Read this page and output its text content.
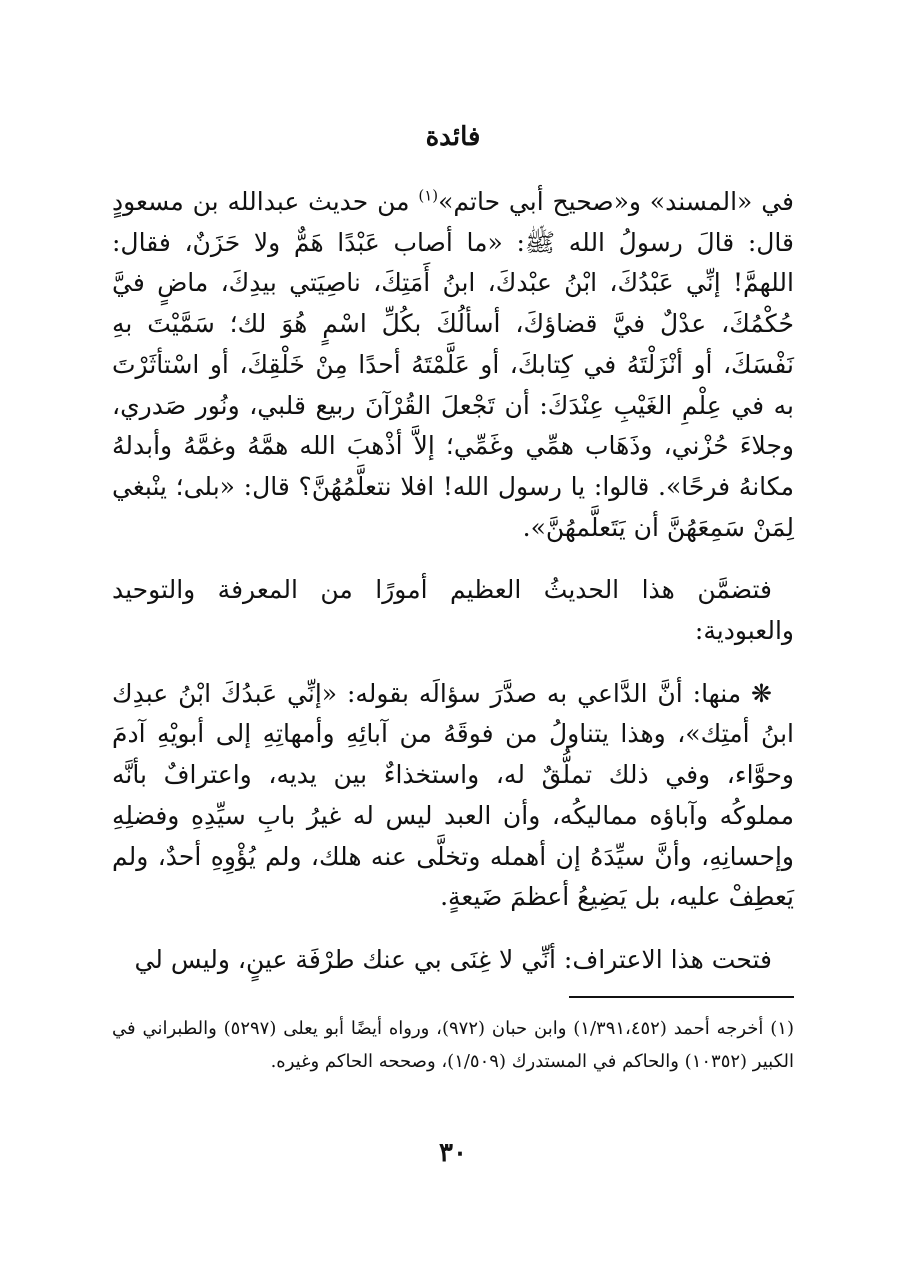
فائدة

في «المسند» و«صحيح أبي حاتم»$^{(١)}$ من حديث عبدالله بن مسعودٍ قال: قالَ رسولُ الله ﷺ: «ما أصاب عَبْدًا هَمٌّ ولا حَزَنٌ، فقال: اللهمَّ! إنِّي عَبْدُكَ، ابْنُ عبْدكَ، ابنُ أَمَتِكَ، ناصِيَتي بيدِكَ، ماضٍ فيَّ حُكْمُكَ، عدْلٌ فيَّ قضاؤكَ، أسألُكَ بكُلِّ اسْمٍ هُوَ لك؛ سَمَّيْتَ بهِ نَفْسَكَ، أو أنْزَلْتَهُ في كِتابكَ، أو عَلَّمْتَهُ أحدًا مِنْ خَلْقِكَ، أو اسْتأثَرْتَ به في عِلْمِ الغَيْبِ عِنْدَكَ: أن تَجْعلَ القُرْآنَ ربيع قلبي، ونُور صَدري، وجلاءَ حُزْني، وذَهَاب همِّي وغَمِّي؛ إلاَّ أذْهبَ الله همَّهُ وغمَّهُ وأبدلهُ مكانهُ فرحًا». قالوا: يا رسول الله! افلا نتعلَّمُهُنَّ؟ قال: «بلى؛ ينْبغي لِمَنْ سَمِعَهُنَّ أن يَتَعلَّمهُنَّ».

فتضمَّن هذا الحديثُ العظيم أمورًا من المعرفة والتوحيد والعبودية:

❋ منها: أنَّ الدَّاعي به صدَّرَ سؤالَه بقوله: «إنِّي عَبدُكَ ابْنُ عبدِك ابنُ أمتِك»، وهذا يتناولُ من فوقَهُ من آبائِهِ وأمهاتِهِ إلى أبويْهِ آدمَ وحوَّاء، وفي ذلك تملُّقٌ له، واستخذاءٌ بين يديه، واعترافٌ بأنَّه مملوكُه وآباؤه مماليكُه، وأن العبد ليس له غيرُ بابِ سيِّدِهِ وفضلِهِ وإحسانِهِ، وأنَّ سيِّدَهُ إن أهمله وتخلَّى عنه هلك، ولم يُؤْوِهِ أحدٌ، ولم يَعطِفْ عليه، بل يَضِيعُ أعظمَ ضَيعةٍ.

فتحت هذا الاعتراف: أنِّي لا غِنَى بي عنك طرْفَة عينٍ، وليس لي

(١) أخرجه أحمد (١/٣٩١،٤٥٢) وابن حبان (٩٧٢)، ورواه أيضًا أبو يعلى (٥٢٩٧) والطبراني في الكبير (١٠٣٥٢) والحاكم في المستدرك (١/٥٠٩)، وصححه الحاكم وغيره.

٣٠
